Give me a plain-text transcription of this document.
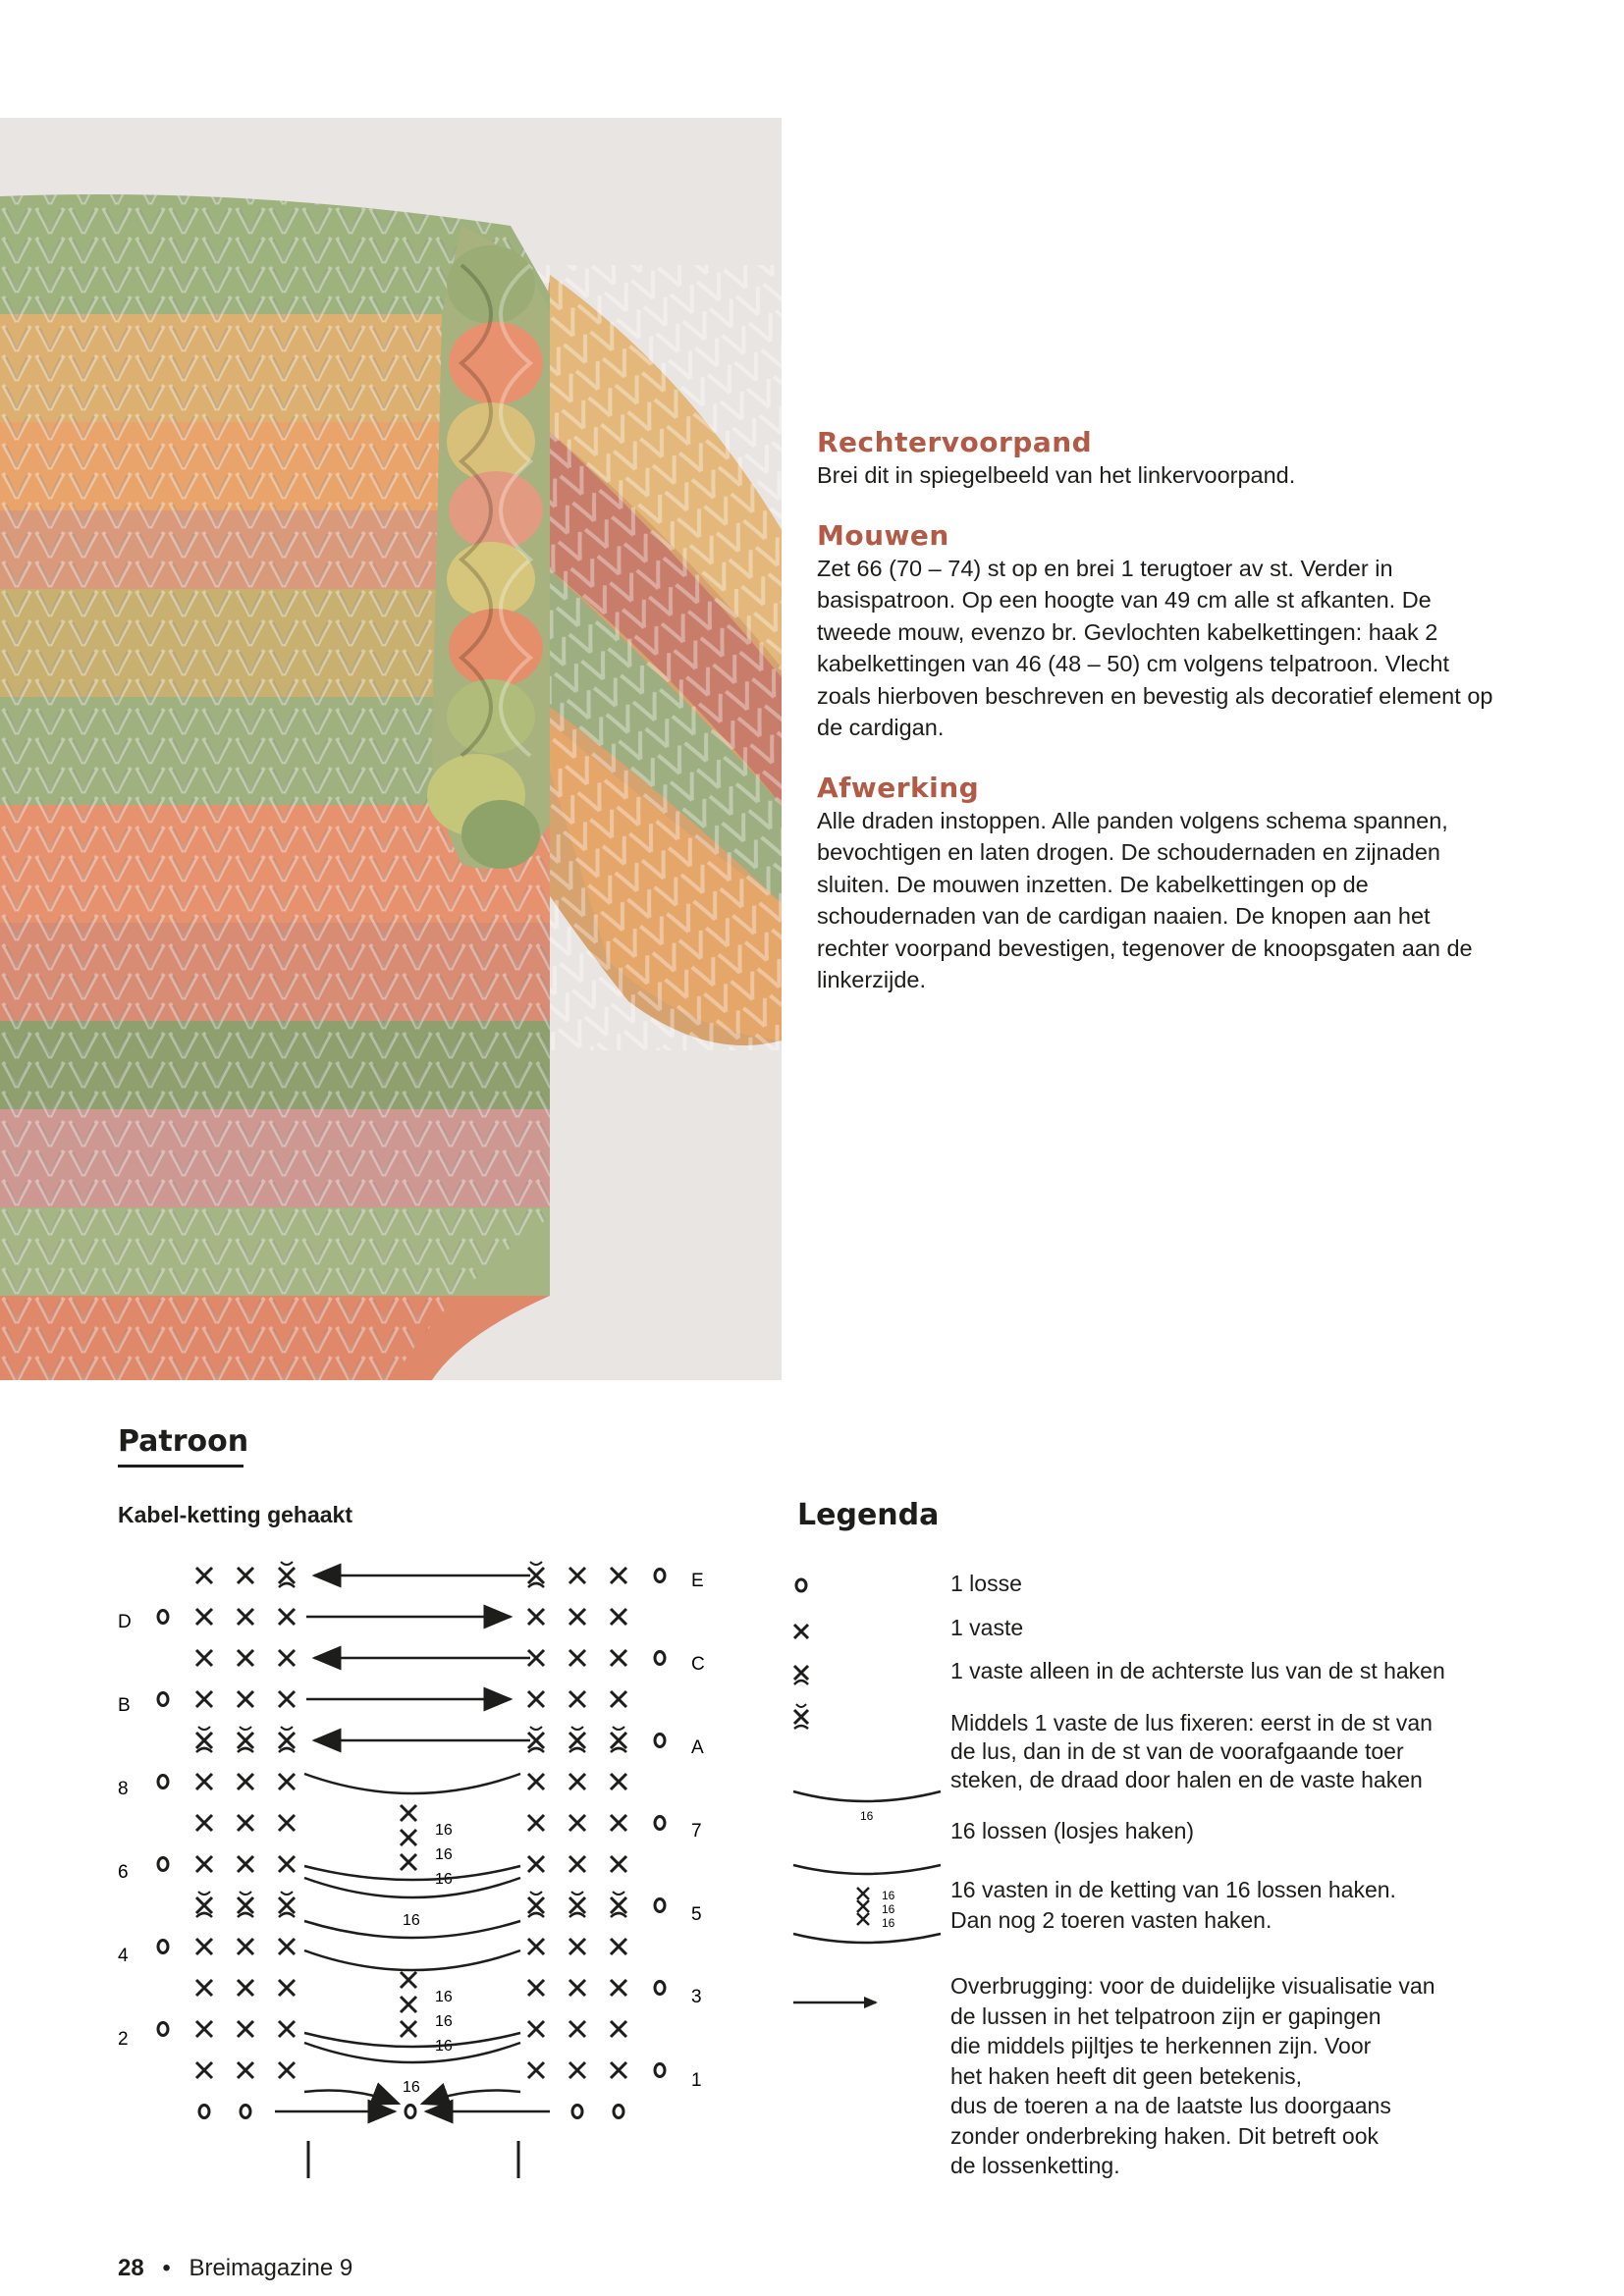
Rechtervoorpand

Brei dit in spiegelbeeld van het linkervoorpand.

Mouwen

Zet 66 (70 – 74) st op en brei 1 terugtoer av st. Verder in basispatroon. Op een hoogte van 49 cm alle st afkanten. De tweede mouw, evenzo br. Gevlochten kabelkettingen: haak 2 kabelkettingen van 46 (48 – 50) cm volgens telpatroon. Vlecht zoals hierboven beschreven en bevestig als decoratief element op de cardigan.

Afwerking

Alle draden instoppen. Alle panden volgens schema spannen, bevochtigen en laten drogen. De schoudernaden en zijnaden sluiten. De mouwen inzetten. De kabelkettingen op de schoudernaden van de cardigan naaien. De knopen aan het rechter voorpand bevestigen, tegenover de knoopsgaten aan de linkerzijde.

Patroon
Kabel-ketting gehaakt	Legenda
D
B
8
6
4
2
E
C
A
7
5
3
1
16
16
16
16
16
16
16
16
16
16
16
16

1 losse

1 vaste

1 vaste alleen in de achterste lus van de st haken

Middels 1 vaste de lus fixeren: eerst in de st van
de lus, dan in de st van de voorafgaande toer
steken, de draad door halen en de vaste haken

16 lossen (losjes haken)

16 vasten in de ketting van 16 lossen haken.
Dan nog 2 toeren vasten haken.

Overbrugging: voor de duidelijke visualisatie van
de lussen in het telpatroon zijn er gapingen
die middels pijltjes te herkennen zijn. Voor
het haken heeft dit geen betekenis,
dus de toeren a na de laatste lus doorgaans
zonder onderbreking haken. Dit betreft ook
de lossenketting.

28 • Breimagazine 9
